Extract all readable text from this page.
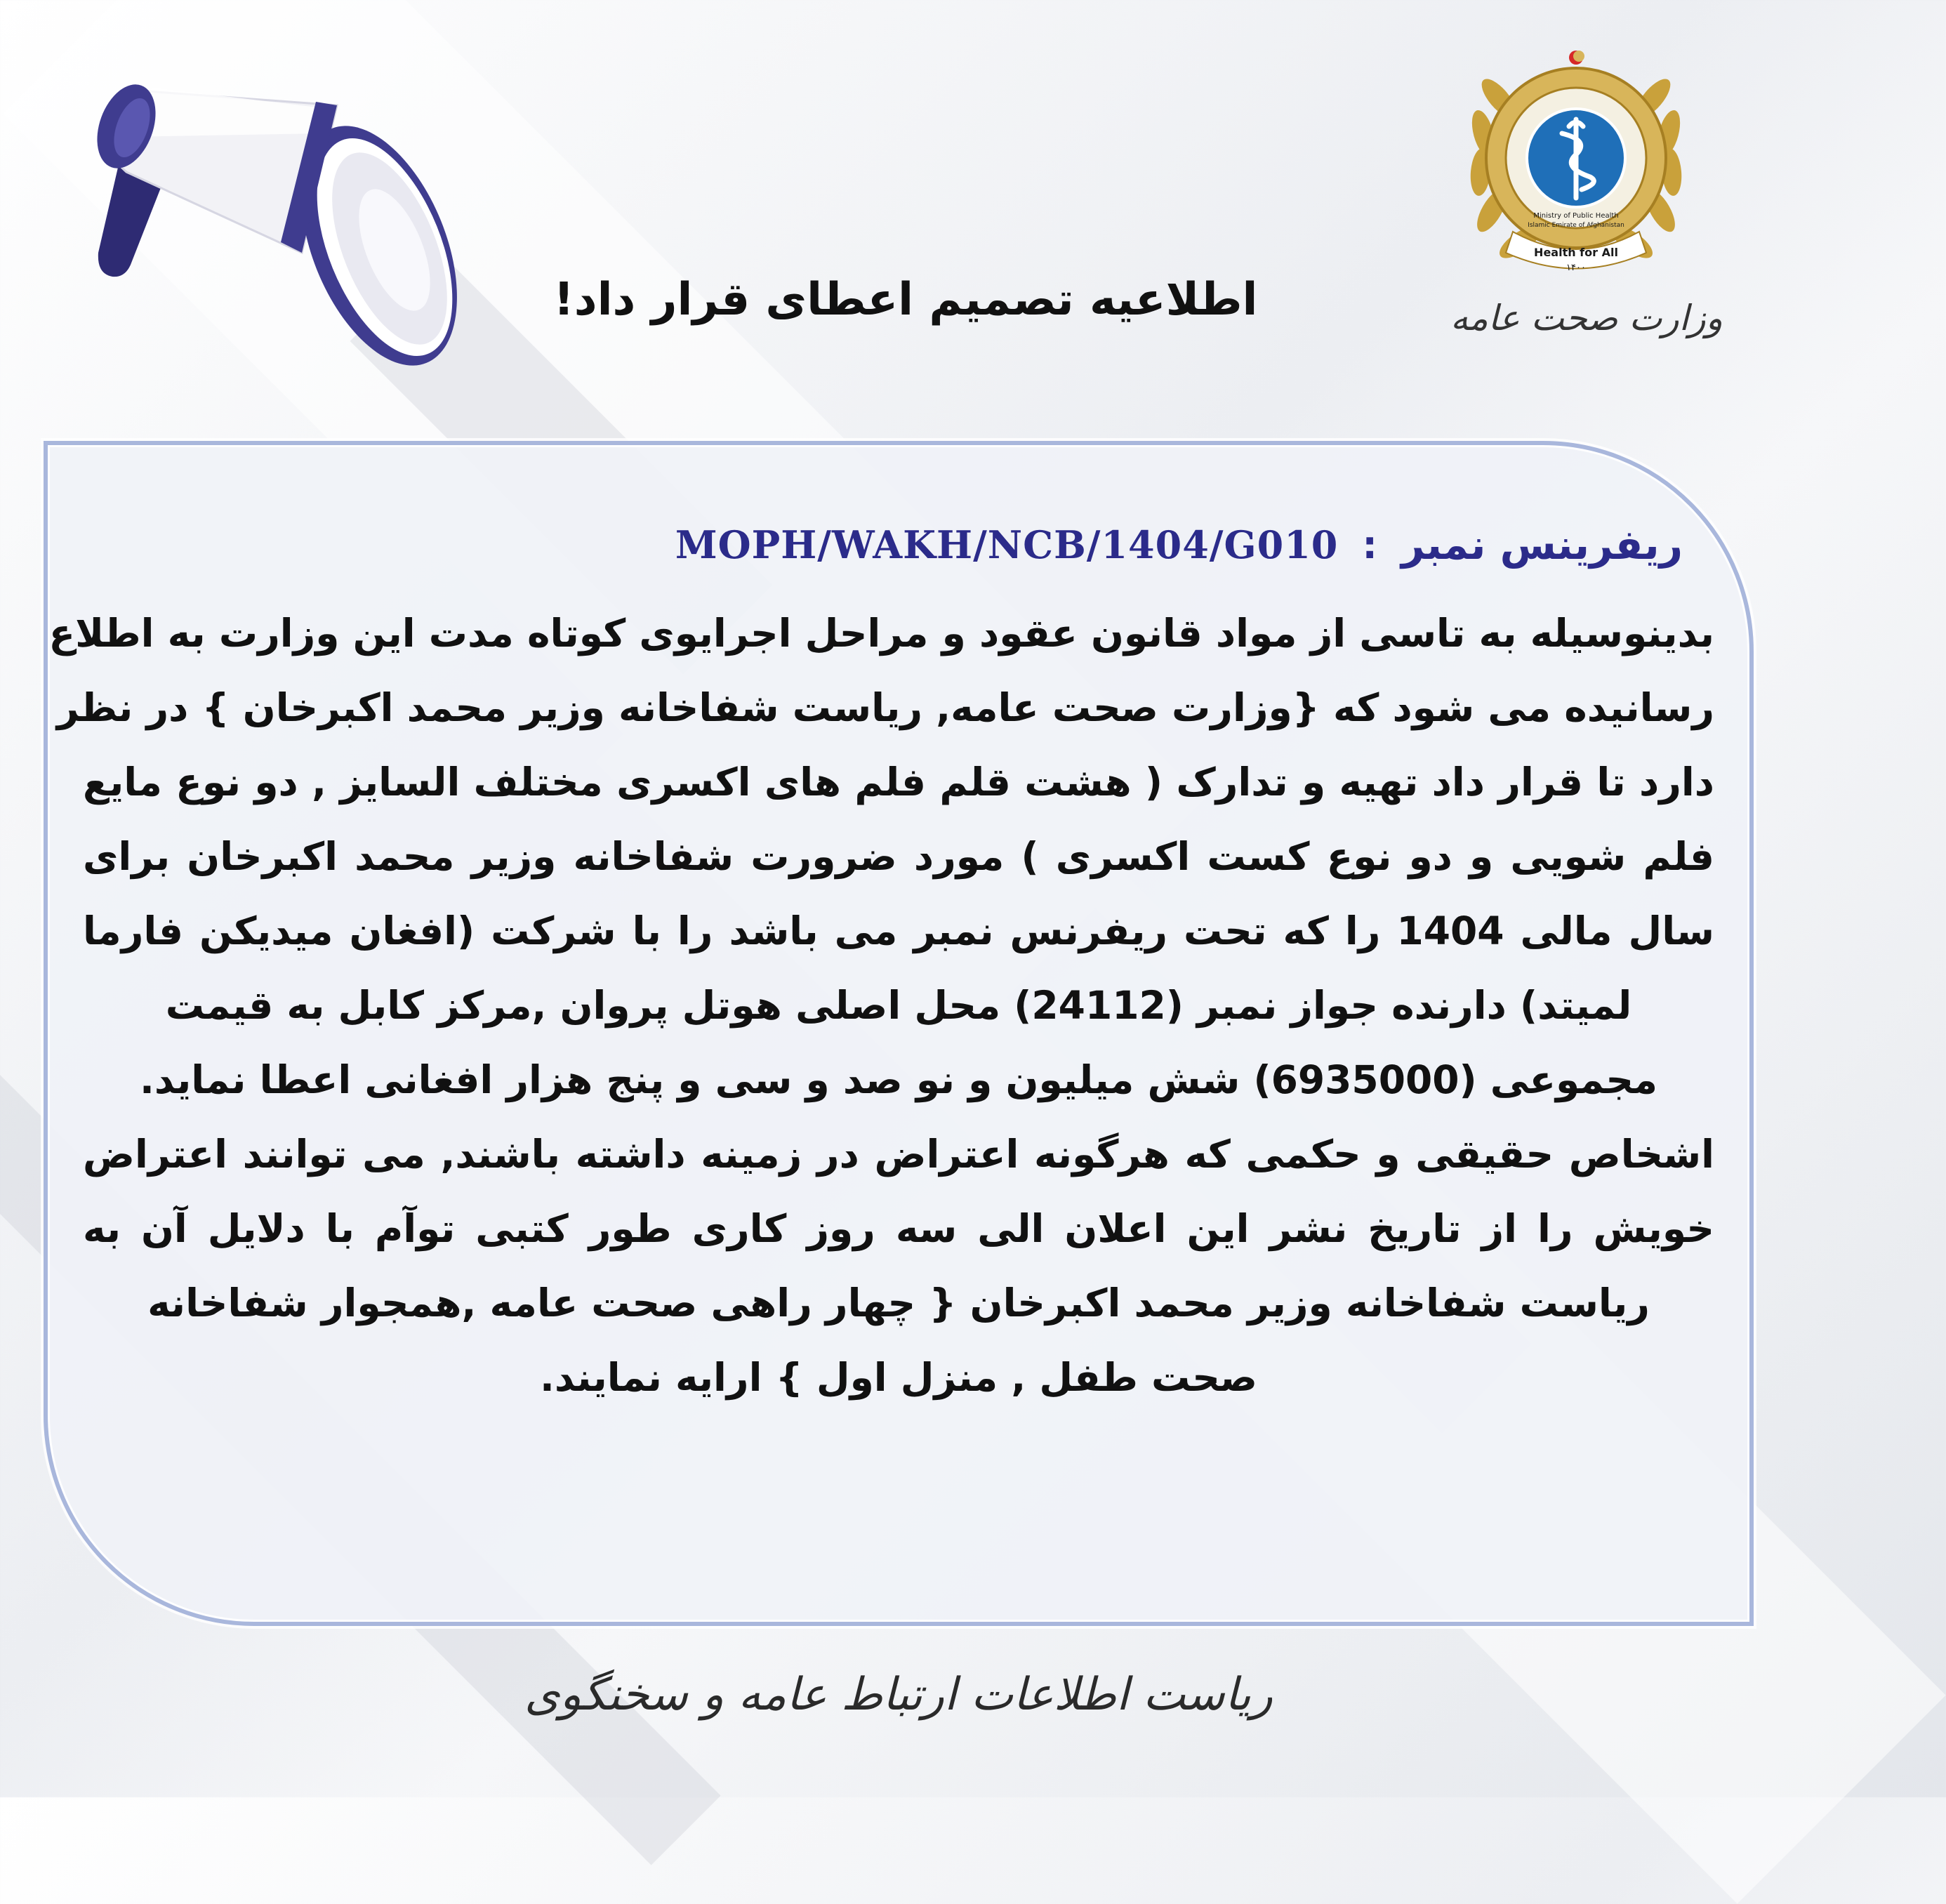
Health for All
۱۴۰۰
Ministry of Public Health
Islamic Emirate of Afghanistan
وزارت صحت عامه
اطلاعیه تصمیم اعطای قرار داد!
MOPH/WAKH/NCB/1404/G010 : ریفرینس نمبر
بدینوسیله به تاسی از مواد قانون عقود و مراحل اجرایوی کوتاه مدت این وزارت به اطلاع
رسانیده می شود که {وزارت صحت عامه, ریاست شفاخانه وزیر محمد اکبرخان } در نظر
دارد تا قرار داد تهیه و تدارک ( هشت قلم فلم های اکسری مختلف السایز , دو نوع مایع
فلم شویی و دو نوع کست اکسری ) مورد ضرورت شفاخانه وزیر محمد اکبرخان برای
سال مالی 1404 را که تحت ریفرنس نمبر می باشد را با شرکت (افغان میدیکن فارما
لمیتد) دارنده جواز نمبر (24112) محل اصلی هوتل پروان ,مرکز کابل به قیمت
مجموعی (6935000) شش میلیون و نو صد و سی و پنج هزار افغانی اعطا نماید.
اشخاص حقیقی و حکمی که هرگونه اعتراض در زمینه داشته باشند, می توانند اعتراض
خویش را از تاریخ نشر این اعلان الی سه روز کاری طور کتبی توآم با دلایل آن به
ریاست شفاخانه وزیر محمد اکبرخان { چهار راهی صحت عامه ,همجوار شفاخانه
صحت طفل , منزل اول } ارایه نمایند.
ریاست اطلاعات ارتباط عامه و سخنگوی
